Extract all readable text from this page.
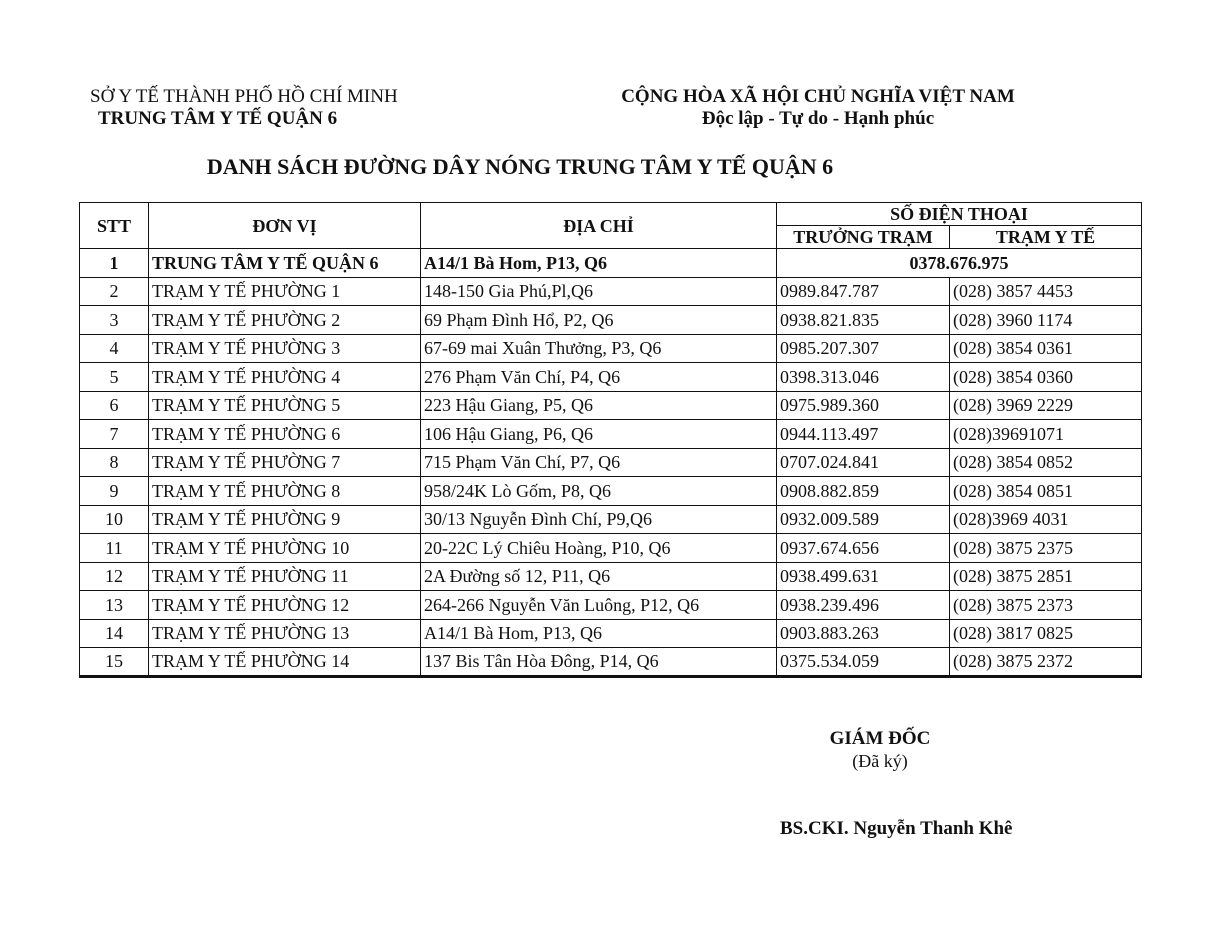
SỞ Y TẾ THÀNH PHỐ HỒ CHÍ MINH
TRUNG TÂM Y TẾ QUẬN 6
CỘNG HÒA XÃ HỘI CHỦ NGHĨA VIỆT NAM
Độc lập - Tự do - Hạnh phúc
DANH SÁCH ĐƯỜNG DÂY NÓNG TRUNG TÂM Y TẾ QUẬN 6
STT	ĐƠN VỊ	ĐỊA CHỈ	SỐ ĐIỆN THOẠI	
			TRƯỞNG TRẠM	TRẠM Y TẾ
1	TRUNG TÂM Y TẾ QUẬN 6	A14/1 Bà Hom, P13, Q6	0378.676.975	
2	TRẠM Y TẾ PHƯỜNG 1	148-150 Gia Phú,Pl,Q6	0989.847.787	(028) 3857 4453
3	TRẠM Y TẾ PHƯỜNG 2	69 Phạm Đình Hổ, P2, Q6	0938.821.835	(028) 3960 1174
4	TRẠM Y TẾ PHƯỜNG 3	67-69 mai Xuân Thưởng, P3, Q6	0985.207.307	(028) 3854 0361
5	TRẠM Y TẾ PHƯỜNG 4	276 Phạm Văn Chí, P4, Q6	0398.313.046	(028) 3854 0360
6	TRẠM Y TẾ PHƯỜNG 5	223 Hậu Giang, P5, Q6	0975.989.360	(028) 3969 2229
7	TRẠM Y TẾ PHƯỜNG 6	106 Hậu Giang, P6, Q6	0944.113.497	(028)39691071
8	TRẠM Y TẾ PHƯỜNG 7	715 Phạm Văn Chí, P7, Q6	0707.024.841	(028) 3854 0852
9	TRẠM Y TẾ PHƯỜNG 8	958/24K Lò Gốm, P8, Q6	0908.882.859	(028) 3854 0851
10	TRẠM Y TẾ PHƯỜNG 9	30/13 Nguyễn Đình Chí, P9,Q6	0932.009.589	(028)3969 4031
11	TRẠM Y TẾ PHƯỜNG 10	20-22C Lý Chiêu Hoàng, P10, Q6	0937.674.656	(028) 3875 2375
12	TRẠM Y TẾ PHƯỜNG 11	2A Đường số 12, P11, Q6	0938.499.631	(028) 3875 2851
13	TRẠM Y TẾ PHƯỜNG 12	264-266 Nguyễn Văn Luông, P12, Q6	0938.239.496	(028) 3875 2373
14	TRẠM Y TẾ PHƯỜNG 13	A14/1 Bà Hom, P13, Q6	0903.883.263	(028) 3817 0825
15	TRẠM Y TẾ PHƯỜNG 14	137 Bis Tân Hòa Đông, P14, Q6	0375.534.059	(028) 3875 2372
GIÁM ĐỐC
(Đã ký)
BS.CKI. Nguyễn Thanh Khê
